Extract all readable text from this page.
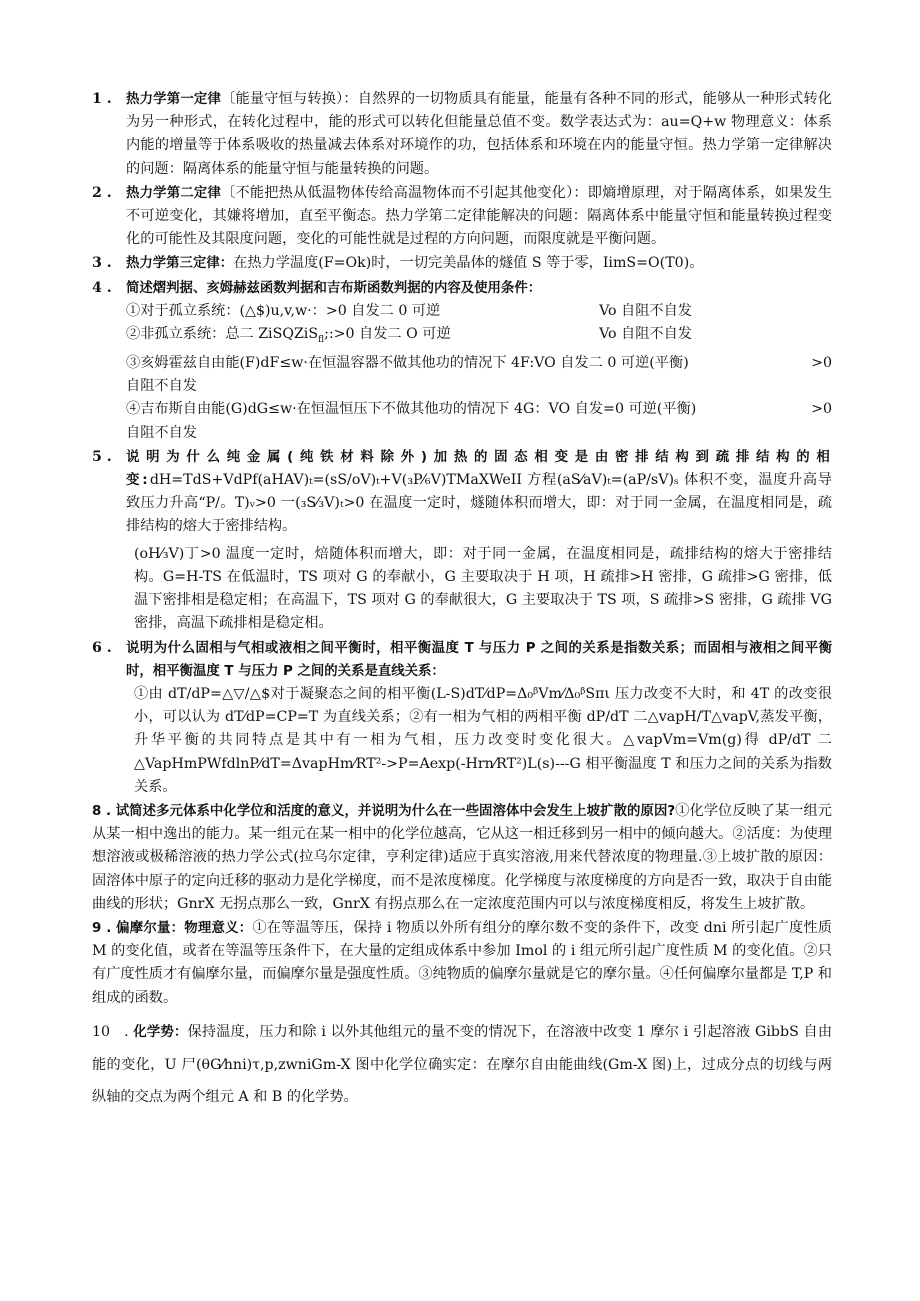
1 . 热力学第一定律〔能量守恒与转换）：自然界的一切物质具有能量，能量有各种不同的形式，能够从一种形式转化为另一种形式，在转化过程中，能的形式可以转化但能量总值不变。数学表达式为：au=Q+w 物理意义：体系内能的增量等于体系吸收的热量减去体系对环境作的功，包括体系和环境在内的能量守恒。热力学第一定律解决的问题：隔离体系的能量守恒与能量转换的问题。
2 . 热力学第二定律〔不能把热从低温物体传给高温物体而不引起其他变化）：即熵增原理，对于隔离体系，如果发生不可逆变化，其嫌将增加，直至平衡态。热力学第二定律能解决的问题：隔离体系中能量守恒和能量转换过程变化的可能性及其限度问题，变化的可能性就是过程的方向问题，而限度就是平衡问题。
3 . 热力学第三定律：在热力学温度(F=Ok)时，一切完美晶体的燧值 S 等于零，IimS=O(T0)。
4 . 简述熠判据、亥姆赫兹函数判据和吉布斯函数判据的内容及使用条件：
①对于孤立系统：(△$)u,v,w·：>0 自发二 0 可逆	Vo 自阻不自发
②非孤立系统：总二 ZiSQZiS$_{fl}$;:>0 自发二 O 可逆	Vo 自阻不自发
③亥姆霍兹自由能(F)dF≤w·在恒温容器不做其他功的情况下 4F:VO 自发二 0 可逆(平衡)	>0
自阻不自发
④吉布斯自由能(G)dG≤w·在恒温恒压下不做其他功的情况下 4G：VO 自发=0 可逆(平衡)	>0
自阻不自发
5 . 说明为什么纯金属(纯铁材料除外)加热的固态相变是由密排结构到疏排结构的相变:dH=TdS+VdPf(aHAV)ₜ=(sS/oV)ₜ+V(₃P⁄₆V)TMaXWeII 方程(aS⁄aV)ₜ=(aP/sV)ₛ 体积不变，温度升高导致压力升高“P/。T)ᵥ>0 一(₃S⁄₃V)ₜ>0 在温度一定时，燧随体积而增大，即：对于同一金属，在温度相同是，疏排结构的熔大于密排结构。
(oH⁄₃V)丁>0 温度一定时，焙随体积而增大，即：对于同一金属，在温度相同是，疏排结构的熔大于密排结构。G=H-TS 在低温时，TS 项对 G 的奉献小，G 主要取决于 H 项，H 疏排>H 密排，G 疏排>G 密排，低温下密排相是稳定相；在高温下，TS 项对 G 的奉献很大，G 主要取决于 TS 项，S 疏排>S 密排，G 疏排 VG 密排，高温下疏排相是稳定相。
6 . 说明为什么固相与气相或液相之间平衡时，相平衡温度 T 与压力 P 之间的关系是指数关系；而固相与液相之间平衡时，相平衡温度 T 与压力 P 之间的关系是直线关系：
①由 dT/dP=△▽/△$对于凝聚态之间的相平衡(L-S)dT⁄dP=Δ₀ᵝVm⁄Δ₀ᵝSπι 压力改变不大时，和 4T 的改变很小，可以认为 dT⁄dP=CP=T 为直线关系；②有一相为气相的两相平衡 dP/dT 二△vapH/T△vapV,蒸发平衡，升华平衡的共同特点是其中有一相为气相，压力改变时变化很大。△vapVm=Vm(g)得 dP/dT 二△VapHmPWfdlnP⁄dT=ΔvapHm⁄RT²->P=Aexp(-Hrn⁄RT²)L(s)---G 相平衡温度 T 和压力之间的关系为指数关系。
8 . 试简述多元体系中化学位和活度的意义，并说明为什么在一些固溶体中会发生上坡扩散的原因?①化学位反映了某一组元从某一相中逸出的能力。某一组元在某一相中的化学位越高，它从这一相迁移到另一相中的倾向越大。②活度：为使理想溶液或极稀溶液的热力学公式(拉乌尔定律，亨利定律)适应于真实溶液,用来代替浓度的物理量.③上坡扩散的原因：固溶体中原子的定向迁移的驱动力是化学梯度，而不是浓度梯度。化学梯度与浓度梯度的方向是否一致，取决于自由能曲线的形状；GnrX 无拐点那么一致，GnrX 有拐点那么在一定浓度范围内可以与浓度梯度相反，将发生上坡扩散。
9 . 偏摩尔量：物理意义：①在等温等压，保持 i 物质以外所有组分的摩尔数不变的条件下，改变 dni 所引起广度性质 M 的变化值，或者在等温等压条件下，在大量的定组成体系中参加 Imol 的 i 组元所引起广度性质 M 的变化值。②只有广度性质才有偏摩尔量，而偏摩尔量是强度性质。③纯物质的偏摩尔量就是它的摩尔量。④任何偏摩尔量都是 T,P 和组成的函数。
10   . 化学势：保持温度，压力和除 i 以外其他组元的量不变的情况下，在溶液中改变 1 摩尔 i 引起溶液 GibbS 自由能的变化，U 尸(θG⁄hni)τ,p,zwniGm-X 图中化学位确实定：在摩尔自由能曲线(Gm-X 图)上，过成分点的切线与两纵轴的交点为两个组元 A 和 B 的化学势。
